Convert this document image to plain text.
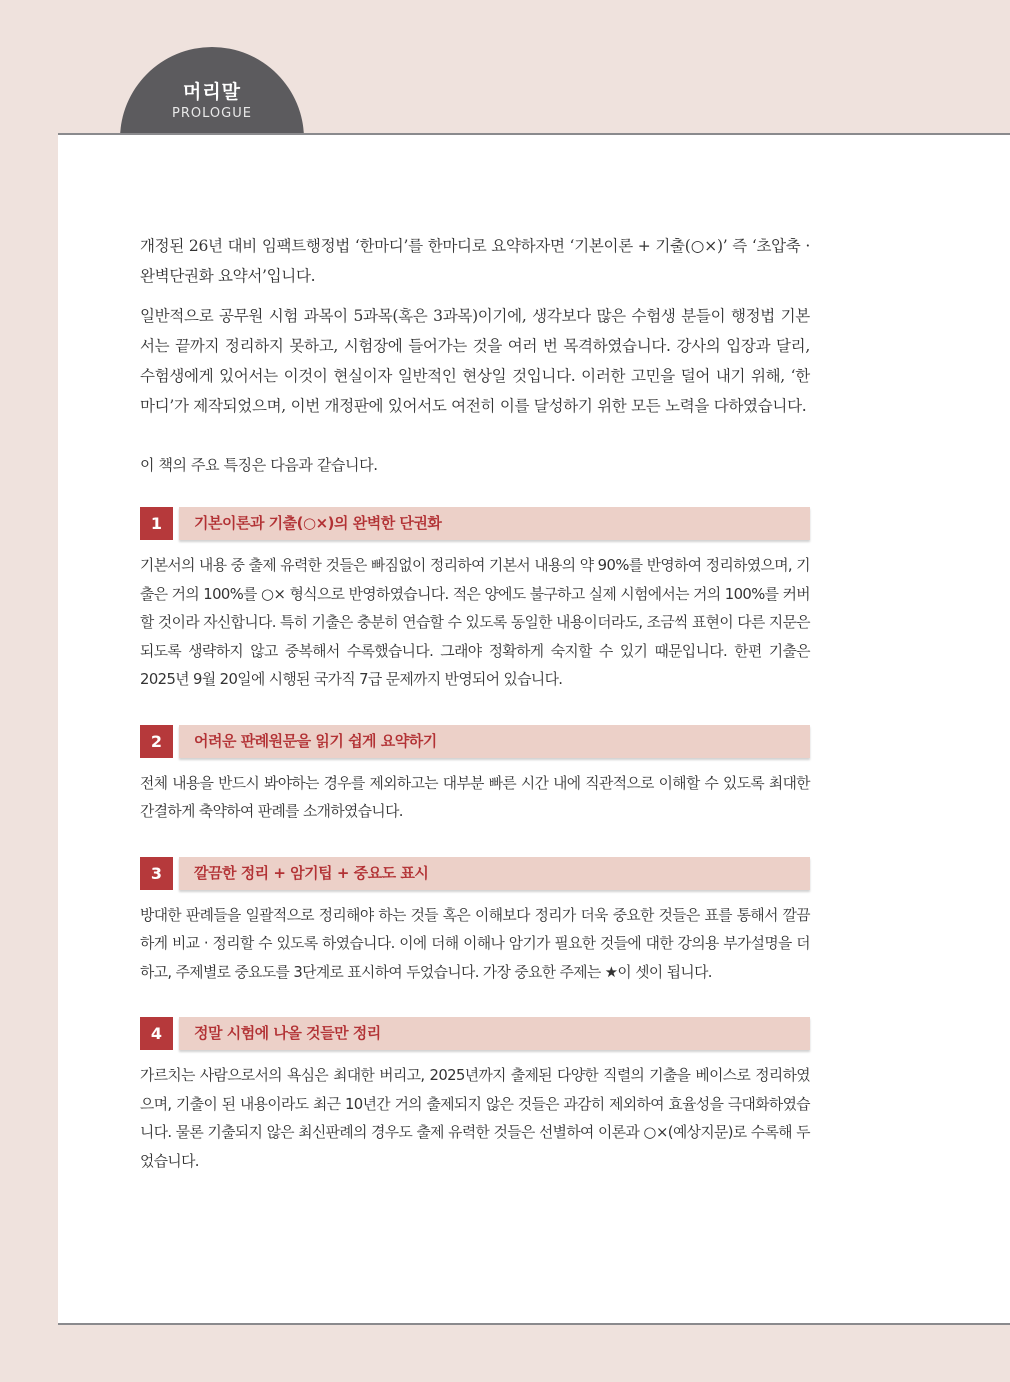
머리말
PROLOGUE

개정된 26년 대비 임팩트행정법 ‘한마디’를 한마디로 요약하자면 ‘기본이론 + 기출(○×)’ 즉 ‘초압축 · 완벽단권화 요약서’입니다.

일반적으로 공무원 시험 과목이 5과목(혹은 3과목)이기에, 생각보다 많은 수험생 분들이 행정법 기본서는 끝까지 정리하지 못하고, 시험장에 들어가는 것을 여러 번 목격하였습니다. 강사의 입장과 달리, 수험생에게 있어서는 이것이 현실이자 일반적인 현상일 것입니다. 이러한 고민을 덜어 내기 위해, ‘한마디’가 제작되었으며, 이번 개정판에 있어서도 여전히 이를 달성하기 위한 모든 노력을 다하였습니다.

이 책의 주요 특징은 다음과 같습니다.

1	기본이론과 기출(○×)의 완벽한 단권화

기본서의 내용 중 출제 유력한 것들은 빠짐없이 정리하여 기본서 내용의 약 90%를 반영하여 정리하였으며, 기출은 거의 100%를 ○× 형식으로 반영하였습니다. 적은 양에도 불구하고 실제 시험에서는 거의 100%를 커버할 것이라 자신합니다. 특히 기출은 충분히 연습할 수 있도록 동일한 내용이더라도, 조금씩 표현이 다른 지문은 되도록 생략하지 않고 중복해서 수록했습니다. 그래야 정확하게 숙지할 수 있기 때문입니다. 한편 기출은 2025년 9월 20일에 시행된 국가직 7급 문제까지 반영되어 있습니다.

2	어려운 판례원문을 읽기 쉽게 요약하기

전체 내용을 반드시 봐야하는 경우를 제외하고는 대부분 빠른 시간 내에 직관적으로 이해할 수 있도록 최대한 간결하게 축약하여 판례를 소개하였습니다.

3	깔끔한 정리 + 암기팁 + 중요도 표시

방대한 판례들을 일괄적으로 정리해야 하는 것들 혹은 이해보다 정리가 더욱 중요한 것들은 표를 통해서 깔끔하게 비교 · 정리할 수 있도록 하였습니다. 이에 더해 이해나 암기가 필요한 것들에 대한 강의용 부가설명을 더하고, 주제별로 중요도를 3단계로 표시하여 두었습니다. 가장 중요한 주제는 ★이 셋이 됩니다.

4	정말 시험에 나올 것들만 정리

가르치는 사람으로서의 욕심은 최대한 버리고, 2025년까지 출제된 다양한 직렬의 기출을 베이스로 정리하였으며, 기출이 된 내용이라도 최근 10년간 거의 출제되지 않은 것들은 과감히 제외하여 효율성을 극대화하였습니다. 물론 기출되지 않은 최신판례의 경우도 출제 유력한 것들은 선별하여 이론과 ○×(예상지문)로 수록해 두었습니다.
